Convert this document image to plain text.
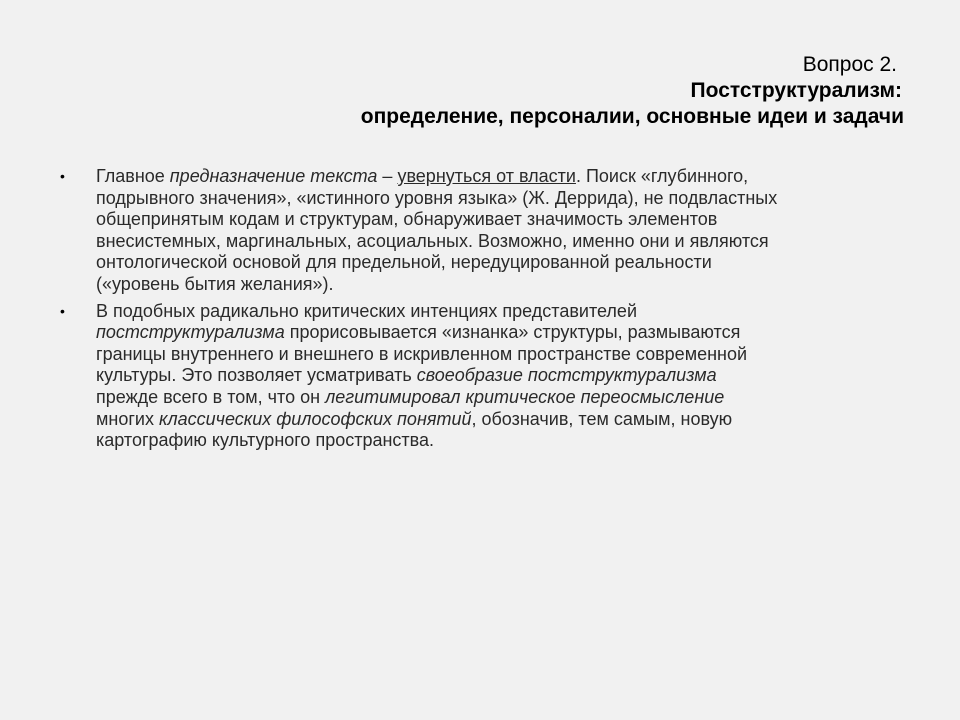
Вопрос 2.
Постструктурализм:
определение, персоналии, основные идеи и задачи
• Главное предназначение текста – увернуться от власти. Поиск «глубинного,
подрывного значения», «истинного уровня языка» (Ж. Деррида), не подвластных
общепринятым кодам и структурам, обнаруживает значимость элементов
внесистемных, маргинальных, асоциальных. Возможно, именно они и являются
онтологической основой для предельной, нередуцированной реальности
(«уровень бытия желания»).
• В подобных радикально критических интенциях представителей
постструктурализма прорисовывается «изнанка» структуры, размываются
границы внутреннего и внешнего в искривленном пространстве современной
культуры. Это позволяет усматривать своеобразие постструктурализма
прежде всего в том, что он легитимировал критическое переосмысление
многих классических философских понятий, обозначив, тем самым, новую
картографию культурного пространства.
